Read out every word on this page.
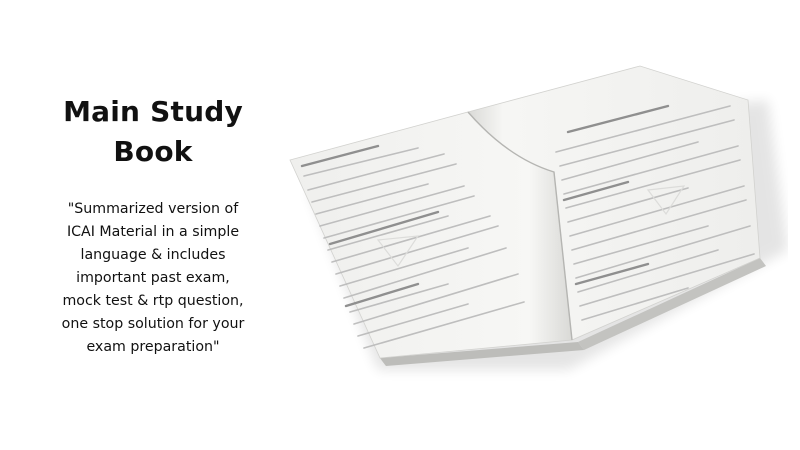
Main Study
Book

"Summarized version of
ICAI Material in a simple
language & includes
important past exam,
mock test & rtp question,
one stop solution for your
exam preparation"
